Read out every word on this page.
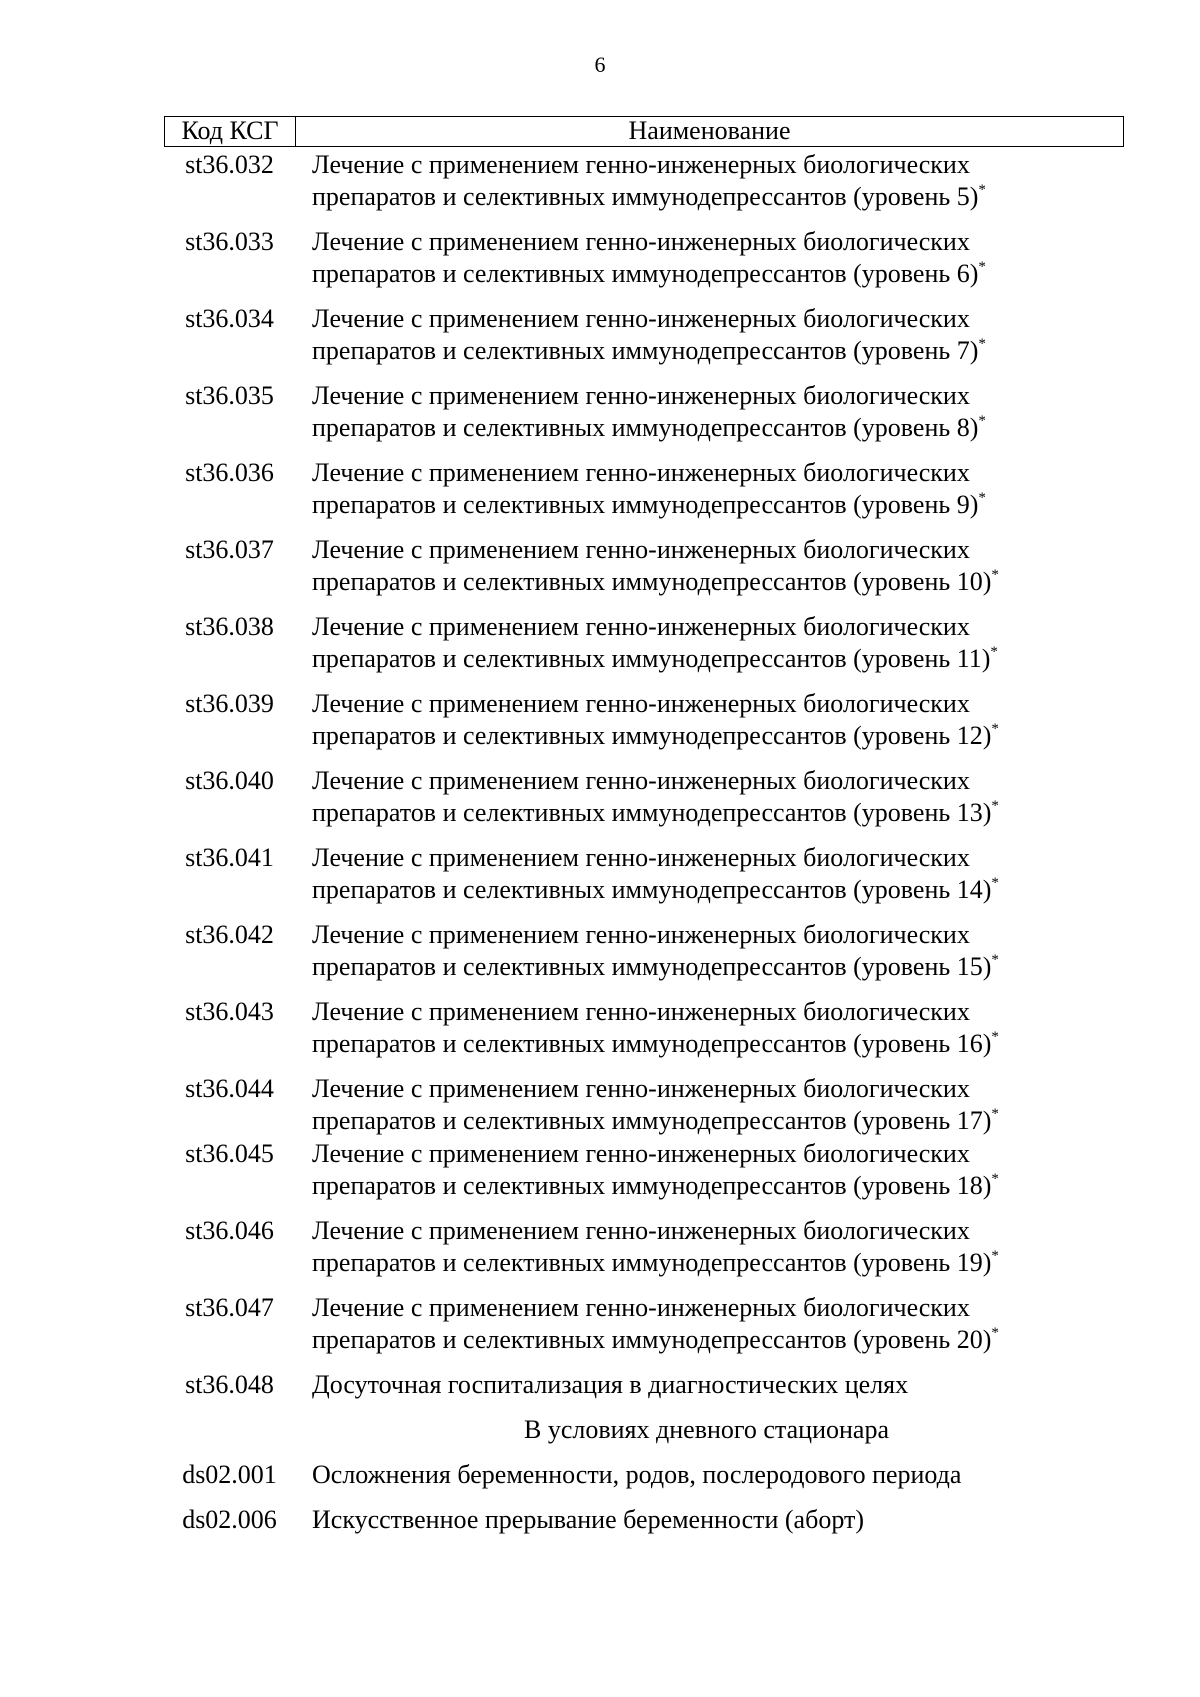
6
Код КСГ	Наименование
st36.032	Лечение с применением генно-инженерных биологических
препаратов и селективных иммунодепрессантов (уровень 5)*
st36.033	Лечение с применением генно-инженерных биологических
препаратов и селективных иммунодепрессантов (уровень 6)*
st36.034	Лечение с применением генно-инженерных биологических
препаратов и селективных иммунодепрессантов (уровень 7)*
st36.035	Лечение с применением генно-инженерных биологических
препаратов и селективных иммунодепрессантов (уровень 8)*
st36.036	Лечение с применением генно-инженерных биологических
препаратов и селективных иммунодепрессантов (уровень 9)*
st36.037	Лечение с применением генно-инженерных биологических
препаратов и селективных иммунодепрессантов (уровень 10)*
st36.038	Лечение с применением генно-инженерных биологических
препаратов и селективных иммунодепрессантов (уровень 11)*
st36.039	Лечение с применением генно-инженерных биологических
препаратов и селективных иммунодепрессантов (уровень 12)*
st36.040	Лечение с применением генно-инженерных биологических
препаратов и селективных иммунодепрессантов (уровень 13)*
st36.041	Лечение с применением генно-инженерных биологических
препаратов и селективных иммунодепрессантов (уровень 14)*
st36.042	Лечение с применением генно-инженерных биологических
препаратов и селективных иммунодепрессантов (уровень 15)*
st36.043	Лечение с применением генно-инженерных биологических
препаратов и селективных иммунодепрессантов (уровень 16)*
st36.044	Лечение с применением генно-инженерных биологических
препаратов и селективных иммунодепрессантов (уровень 17)*
st36.045	Лечение с применением генно-инженерных биологических
препаратов и селективных иммунодепрессантов (уровень 18)*
st36.046	Лечение с применением генно-инженерных биологических
препаратов и селективных иммунодепрессантов (уровень 19)*
st36.047	Лечение с применением генно-инженерных биологических
препаратов и селективных иммунодепрессантов (уровень 20)*
st36.048	Досуточная госпитализация в диагностических целях
В условиях дневного стационара
ds02.001	Осложнения беременности, родов, послеродового периода
ds02.006	Искусственное прерывание беременности (аборт)
